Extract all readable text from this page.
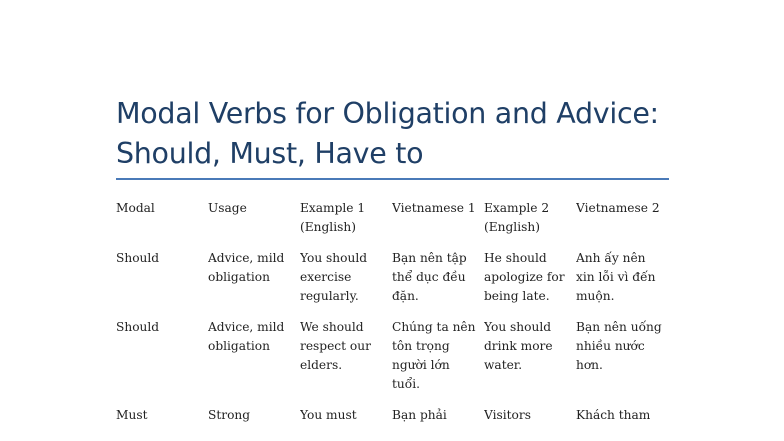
Modal Verbs for Obligation and Advice:
Should, Must, Have to
Modal	Usage	Example 1 (English)	Vietnamese 1	Example 2 (English)	Vietnamese 2
Should	Advice, mild obligation	You should exercise regularly.	Bạn nên tập thể dục đều đặn.	He should apologize for being late.	Anh ấy nên xin lỗi vì đến muộn.
Should	Advice, mild obligation	We should respect our elders.	Chúng ta nên tôn trọng người lớn tuổi.	You should drink more water.	Bạn nên uống nhiều nước hơn.
Must	Strong	You must	Bạn phải	Visitors	Khách tham
